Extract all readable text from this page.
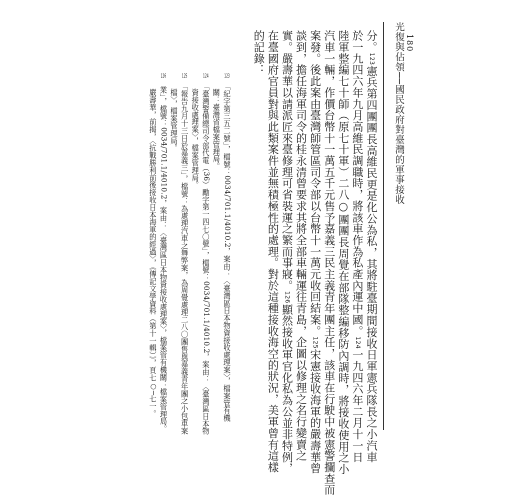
光復與佔領──國民政府對臺灣的軍事接收 180
分。123憲兵第四團團長高維民更是化公為私，其將駐臺期間接收日軍憲兵隊長之小汽車
於一九四六年九月高維民調職時，將該車作為私產內運中國。124一九四六年二月十一日
陸軍整編七十師（原七十軍）二八○團團長周覺在部隊整編移防內調時，將接收使用之小
汽車一輛，作價台幣十一萬五千元售予嘉義三民主義青年團主任，該車在行駛中被憲警攔查而
案發。後此案由臺灣師管區司令部以台幣十一萬元收回結案。125宋憲接收海軍的嚴壽華曾
談到，擔任海軍司令的桂永清曾要求其將全部車輛運往青島，企圖以修理之名行變賣之
實。嚴壽華以請派匠來臺修理可省裝運之繁而事寢。126顯然接收軍官化私為公並非特例，
在臺國府官員對與此類案件並無積極性的處理。對於這種接收海空的狀況，美軍曾有這樣
的記錄：
123　「紀字第三五二號」，檔號：0034/701.1/4010.2，案由：〈臺灣區日本物資接收處理案〉，檔案管有機
　　關：臺灣省檔案管理局。
124　「臺灣警備總司令部代電（36）勵字第一四七〇號」，檔號：0034/701.1/4010.2，案由：〈臺灣區日本物
　　資接收處理案〉，檔案管理局。
125　「報告九月十三日於嘉義三」，檔號：為處理汽車之舞弊案，為周覺處理二八〇團售與嘉義青年團之小包車案
　　檔〉，檔案管理局。
126　業」，檔號：0034/701.1/4010.2，案由：〈臺灣區日本物資接收處理案〉，檔案管有機關：檔案管理局。
　　嚴壽華，前揭，〈抗戰勝利前後接收日本海軍的經過〉，《傳記文學資料（第十一輯）》，頁七○─七一。
